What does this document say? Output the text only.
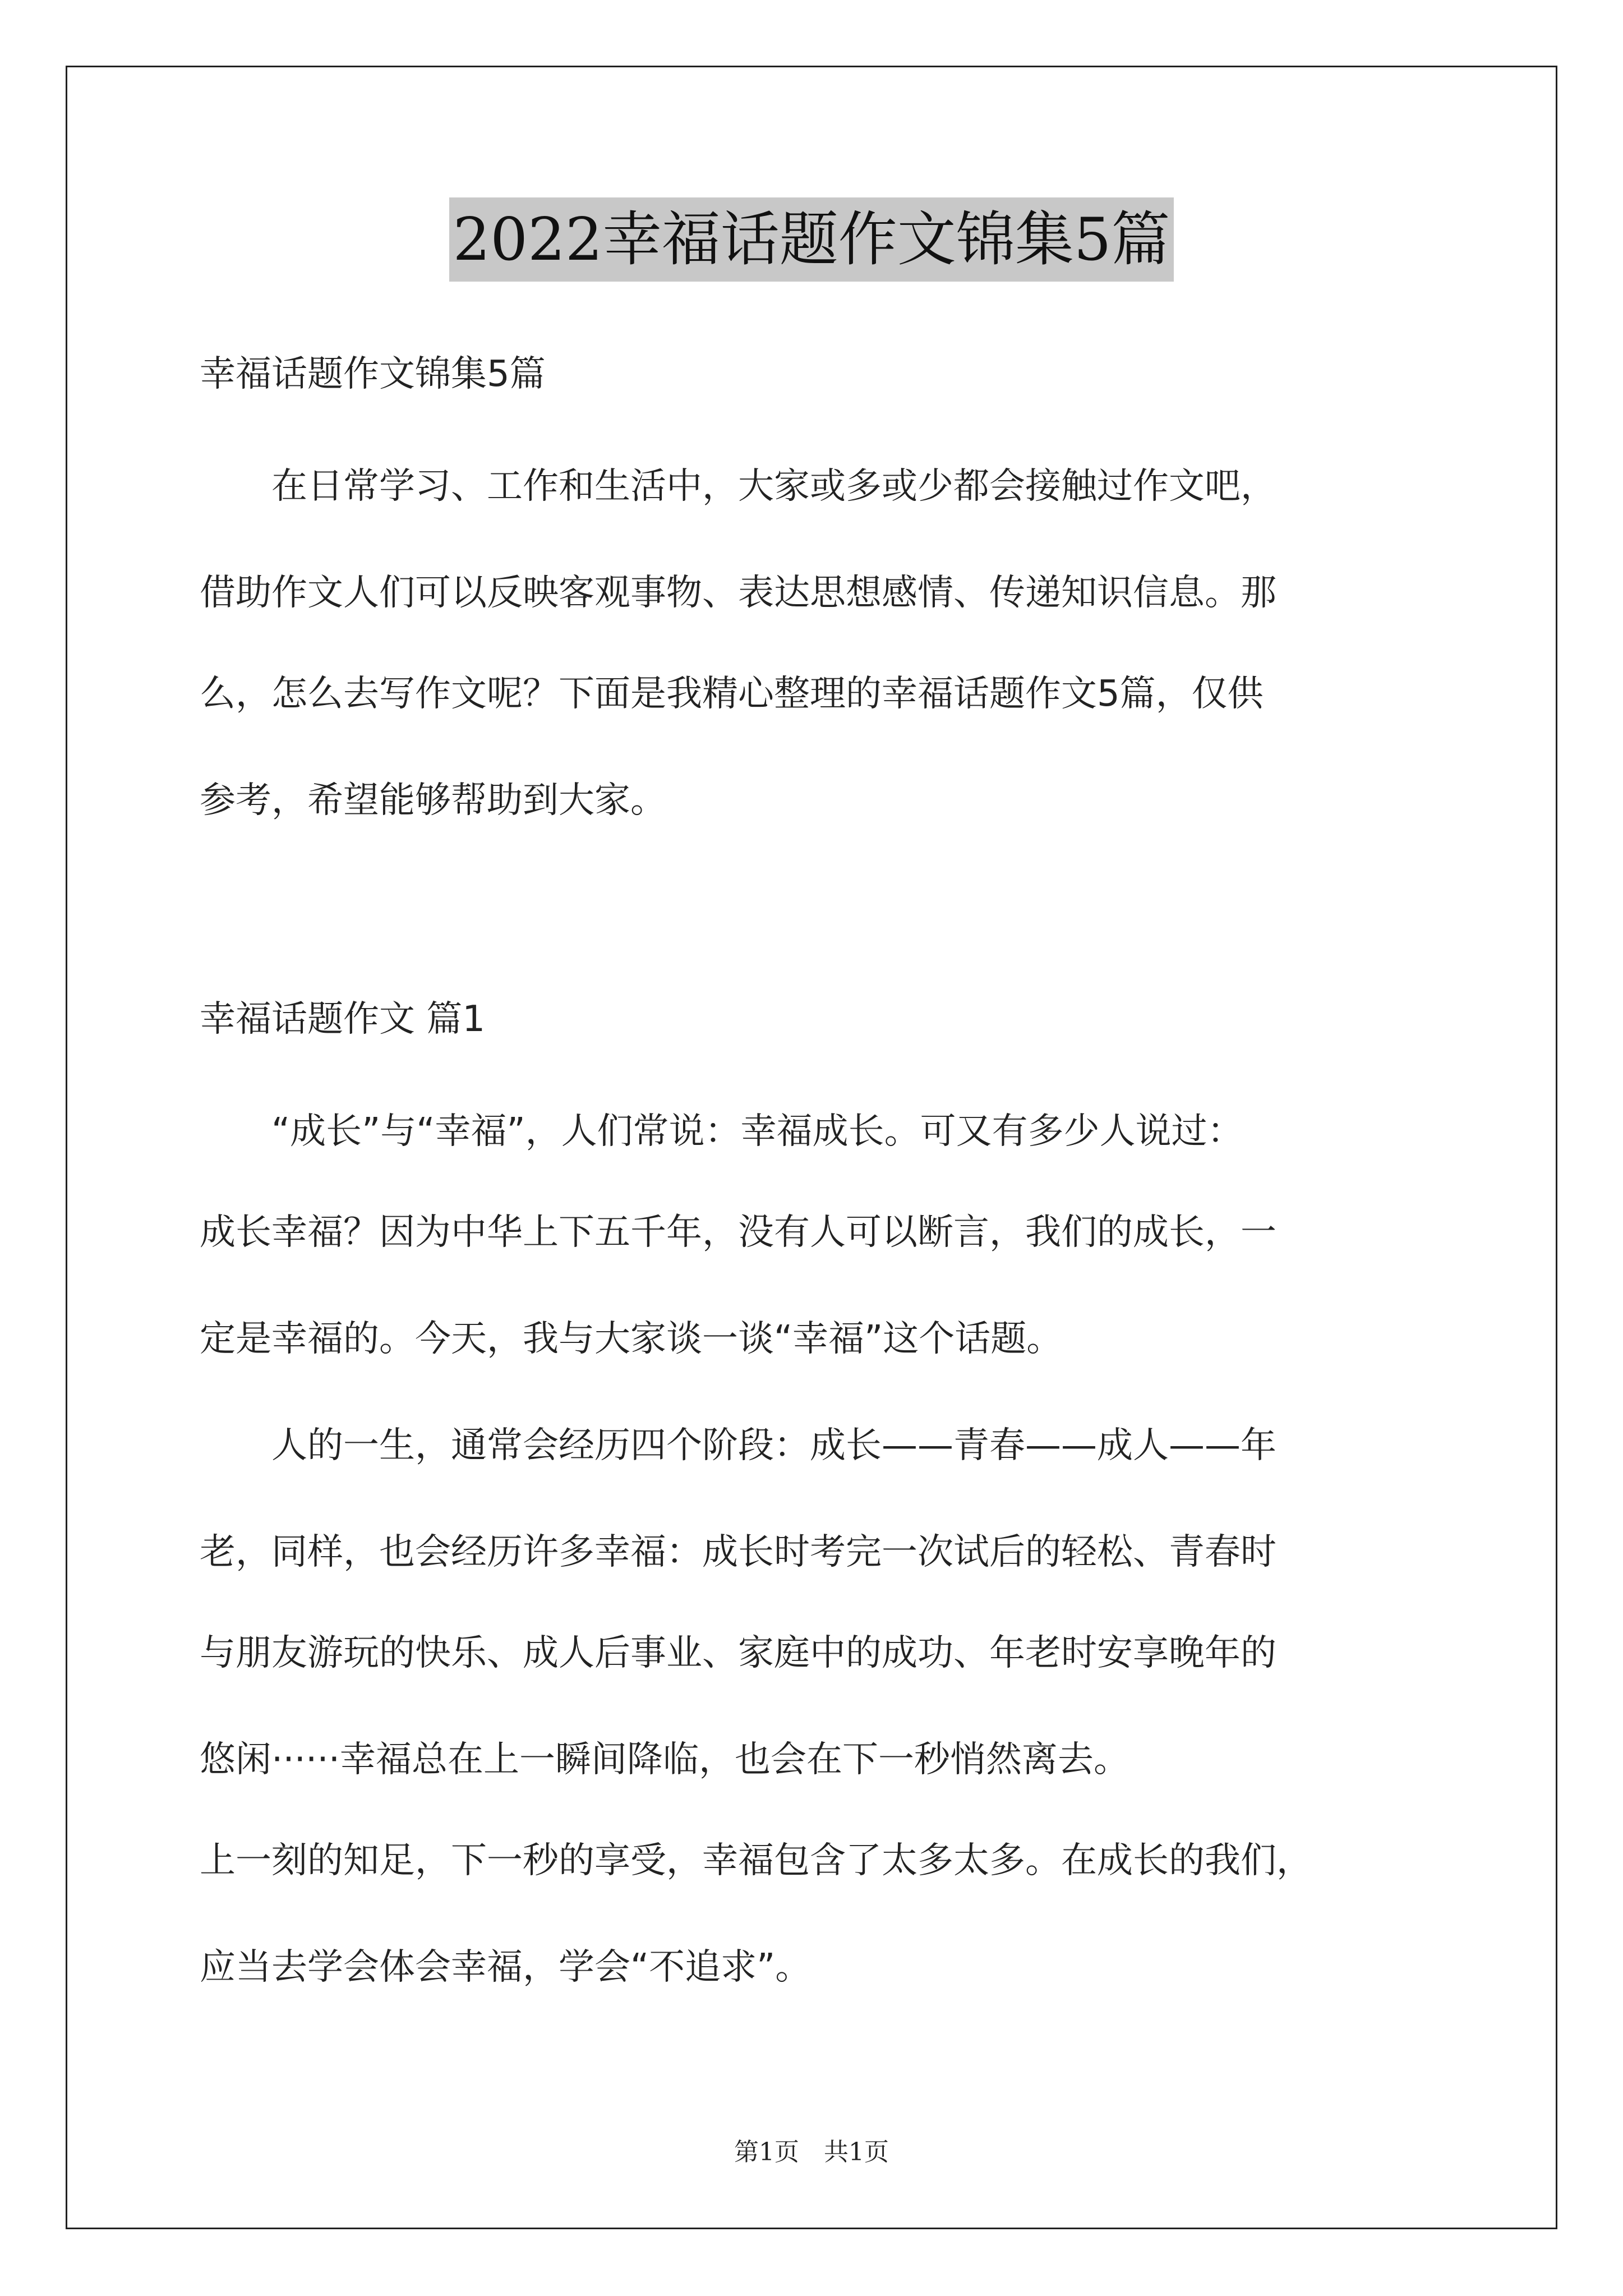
2022幸福话题作文锦集5篇
幸福话题作文锦集5篇
　　在日常学习、工作和生活中，大家或多或少都会接触过作文吧，
借助作文人们可以反映客观事物、表达思想感情、传递知识信息。那
么，怎么去写作文呢？下面是我精心整理的幸福话题作文5篇，仅供
参考，希望能够帮助到大家。
幸福话题作文 篇1
　　“成长”与“幸福”，人们常说：幸福成长。可又有多少人说过：
成长幸福？因为中华上下五千年，没有人可以断言，我们的成长，一
定是幸福的。今天，我与大家谈一谈“幸福”这个话题。
　　人的一生，通常会经历四个阶段：成长——青春——成人——年
老，同样，也会经历许多幸福：成长时考完一次试后的轻松、青春时
与朋友游玩的快乐、成人后事业、家庭中的成功、年老时安享晚年的
悠闲······幸福总在上一瞬间降临，也会在下一秒悄然离去。
上一刻的知足，下一秒的享受，幸福包含了太多太多。在成长的我们，
应当去学会体会幸福，学会“不追求”。
第1页　共1页
